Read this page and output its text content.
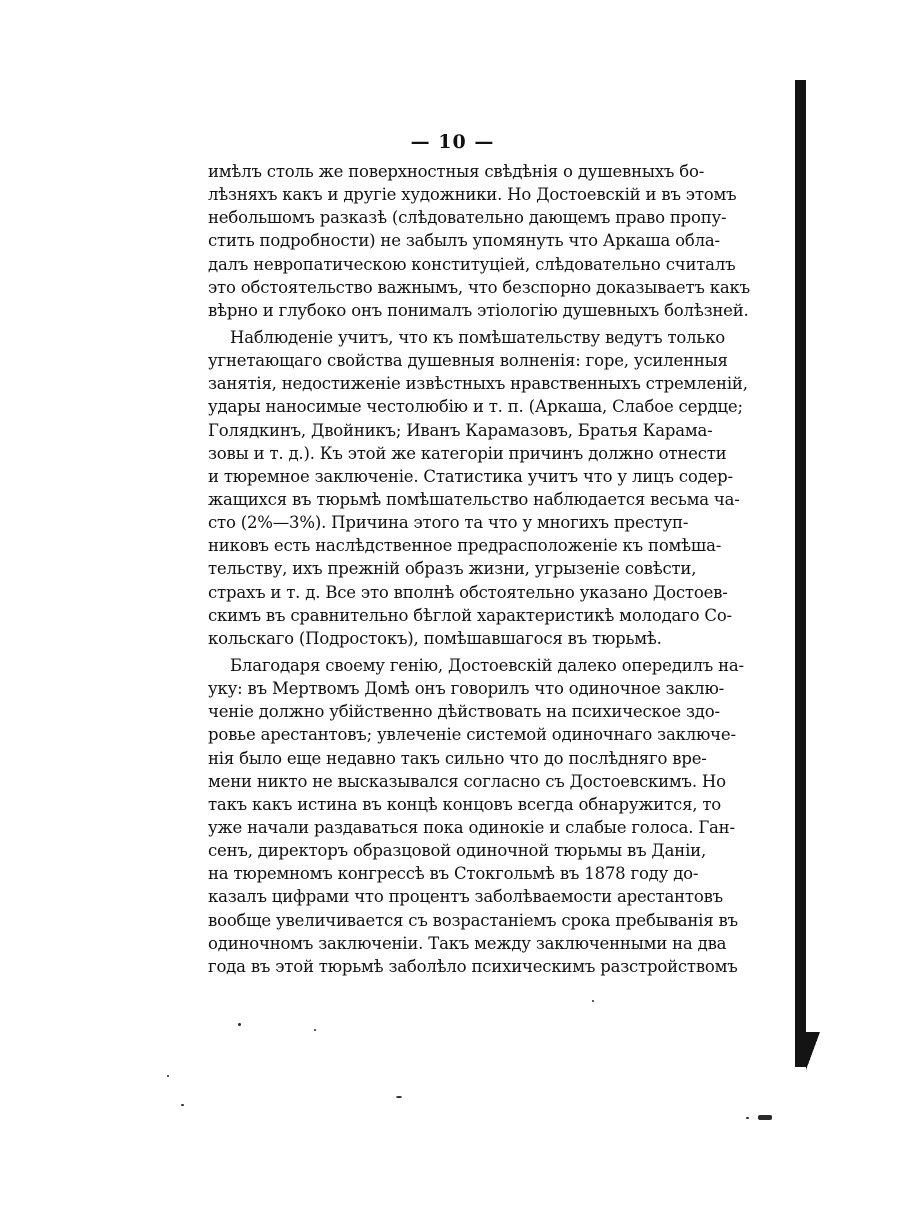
— 10 —
имѣлъ столь же поверхностныя свѣдѣнія о душевныхъ бо-
лѣзняхъ какъ и другіе художники. Но Достоевскій и въ этомъ
небольшомъ разказѣ (слѣдовательно дающемъ право пропу-
стить подробности) не забылъ упомянуть что Аркаша обла-
далъ невропатическою конституціей, слѣдовательно считалъ
это обстоятельство важнымъ, что безспорно доказываетъ какъ
вѣрно и глубоко онъ понималъ этіологію душевныхъ болѣзней.
Наблюденіе учитъ, что къ помѣшательству ведутъ только
угнетающаго свойства душевныя волненія: горе, усиленныя
занятія, недостиженіе извѣстныхъ нравственныхъ стремленій,
удары наносимые честолюбію и т. п. (Аркаша, Слабое сердце;
Голядкинъ, Двойникъ; Иванъ Карамазовъ, Братья Карама-
зовы и т. д.). Къ этой же категоріи причинъ должно отнести
и тюремное заключеніе. Статистика учитъ что у лицъ содер-
жащихся въ тюрьмѣ помѣшательство наблюдается весьма ча-
сто (2%—3%). Причина этого та что у многихъ преступ-
никовъ есть наслѣдственное предрасположеніе къ помѣша-
тельству, ихъ прежній образъ жизни, угрызеніе совѣсти,
страхъ и т. д. Все это вполнѣ обстоятельно указано Достоев-
скимъ въ сравнительно бѣглой характеристикѣ молодаго Со-
кольскаго (Подростокъ), помѣшавшагося въ тюрьмѣ.
Благодаря своему генію, Достоевскій далеко опередилъ на-
уку: въ Мертвомъ Домѣ онъ говорилъ что одиночное заклю-
ченіе должно убійственно дѣйствовать на психическое здо-
ровье арестантовъ; увлеченіе системой одиночнаго заключе-
нія было еще недавно такъ сильно что до послѣдняго вре-
мени никто не высказывался согласно съ Достоевскимъ. Но
такъ какъ истина въ концѣ концовъ всегда обнаружится, то
уже начали раздаваться пока одинокіе и слабые голоса. Ган-
сенъ, директоръ образцовой одиночной тюрьмы въ Даніи,
на тюремномъ конгрессѣ въ Стокгольмѣ въ 1878 году до-
казалъ цифрами что процентъ заболѣваемости арестантовъ
вообще увеличивается съ возрастаніемъ срока пребыванія въ
одиночномъ заключеніи. Такъ между заключенными на два
года въ этой тюрьмѣ заболѣло психическимъ разстройствомъ
